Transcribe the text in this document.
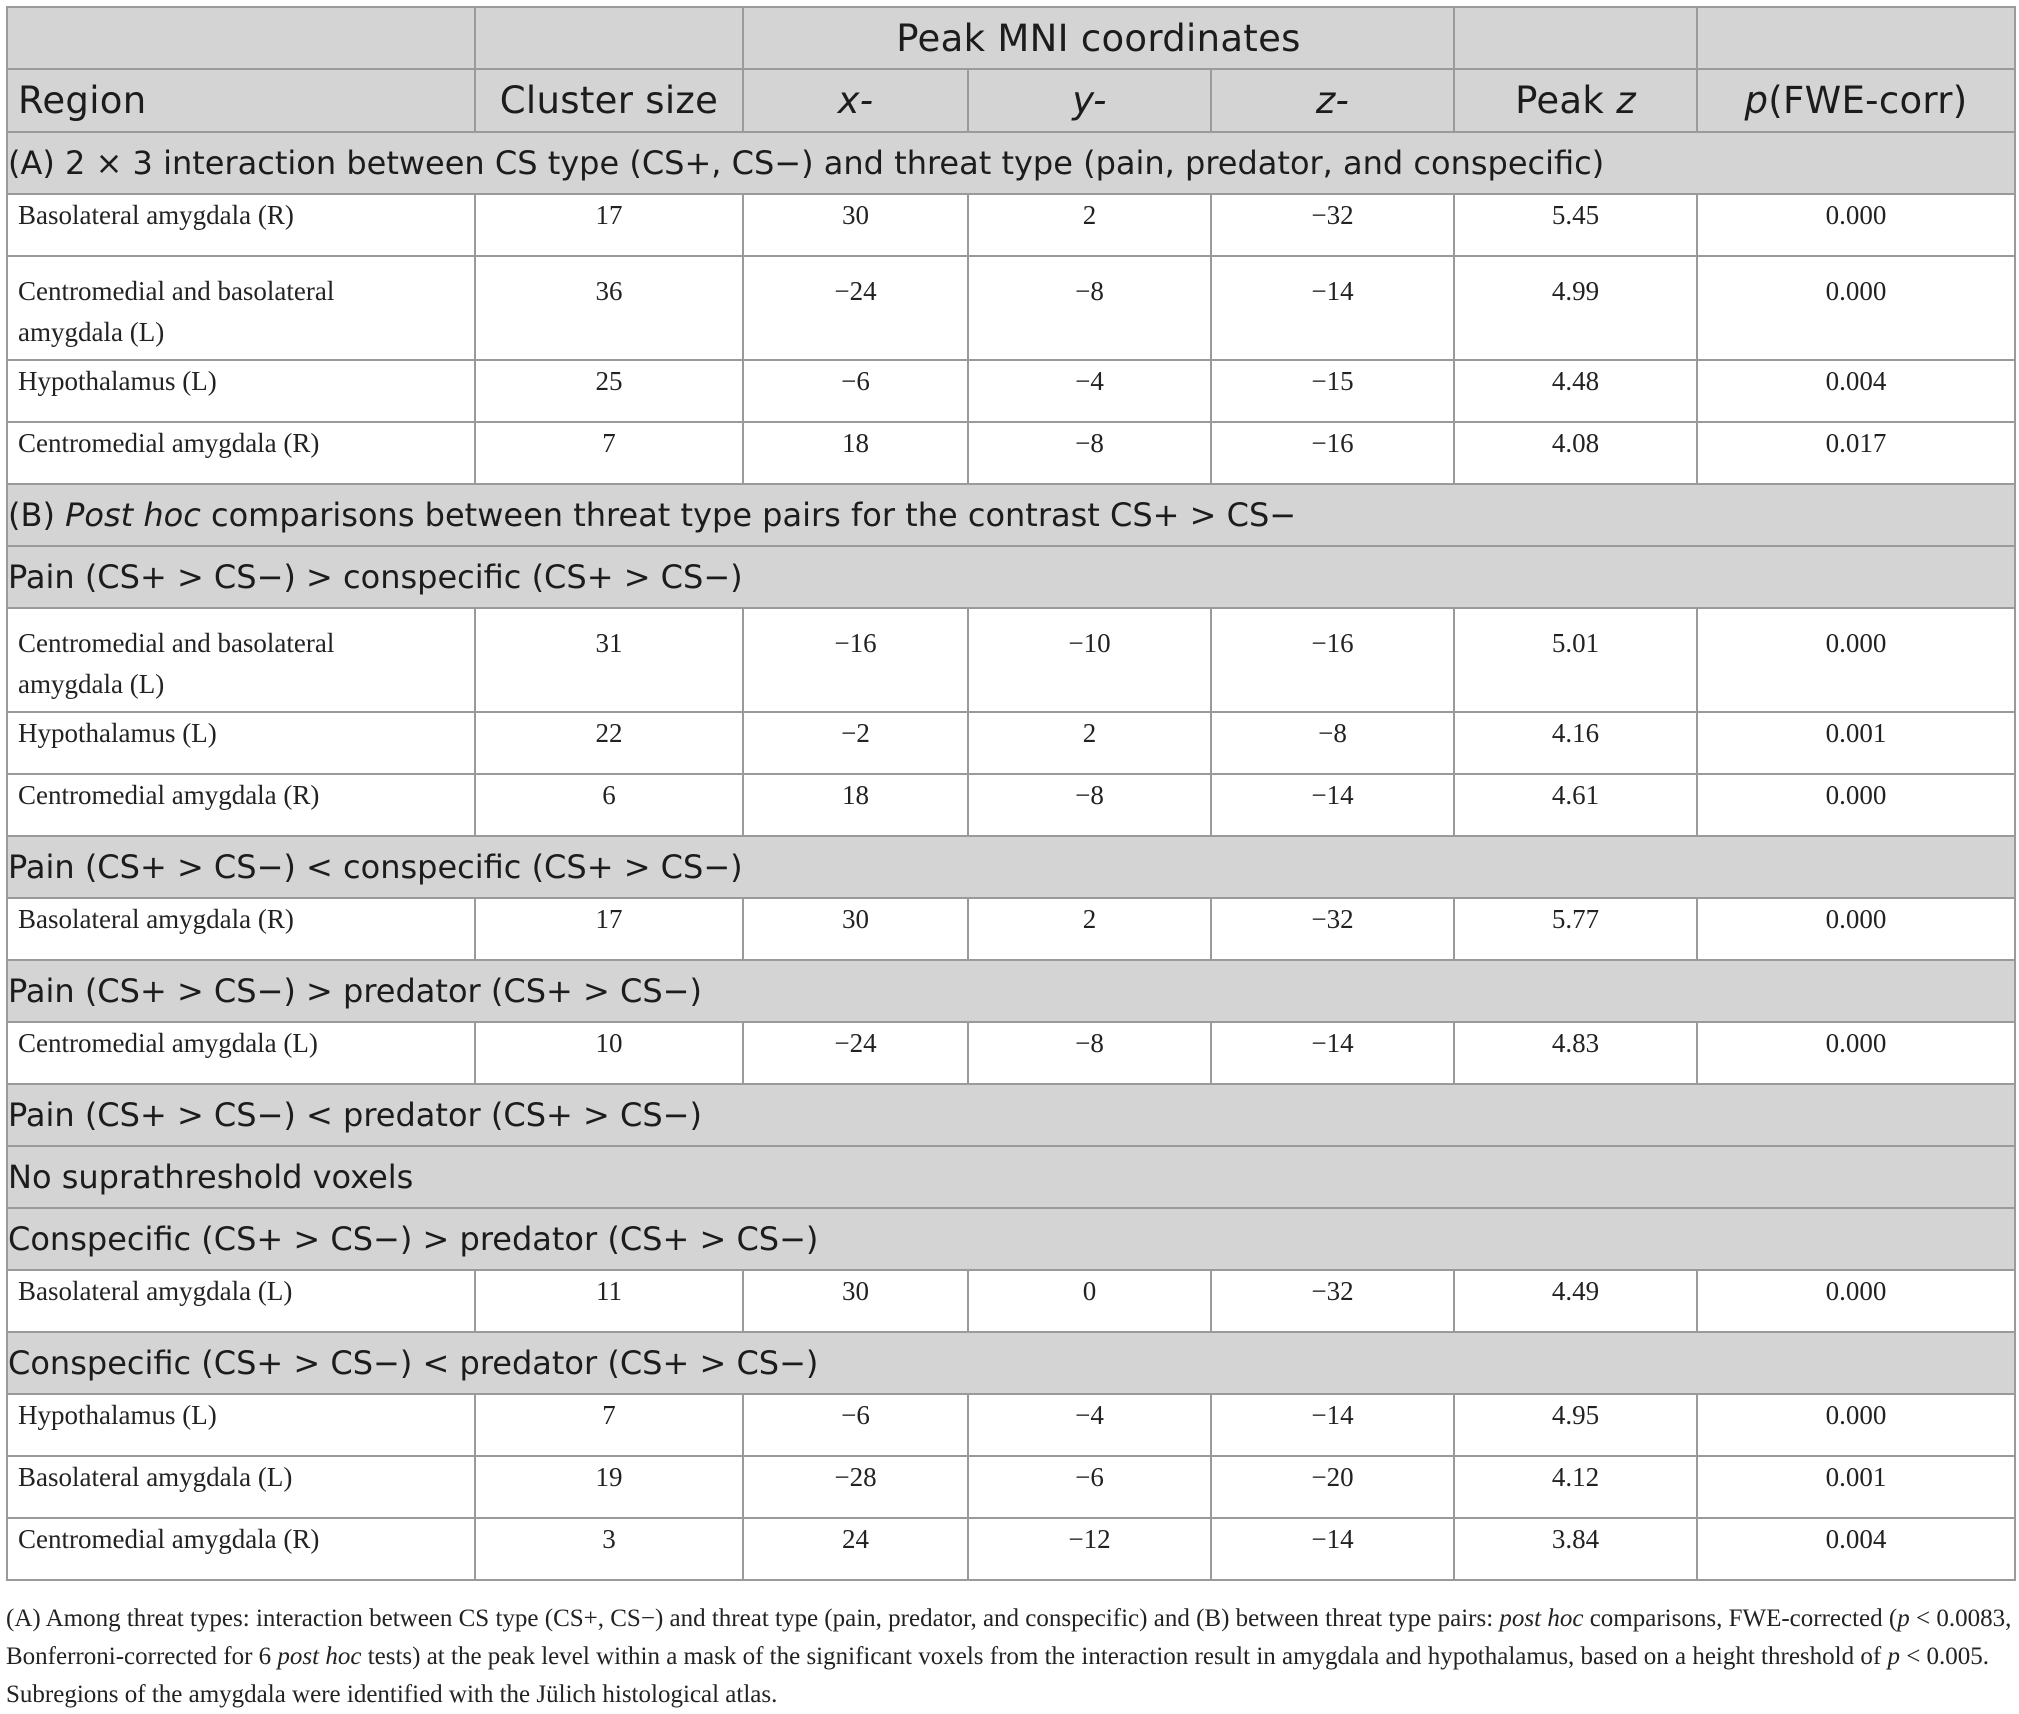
		Peak MNI coordinates				
Region	Cluster size	x-	y-	z-	Peak z	p(FWE-corr)
(A) 2 × 3 interaction between CS type (CS+, CS−) and threat type (pain, predator, and conspecific)						
Basolateral amygdala (R)	17	30	2	−32	5.45	0.000
Centromedial and basolateral amygdala (L)	36	−24	−8	−14	4.99	0.000
Hypothalamus (L)	25	−6	−4	−15	4.48	0.004
Centromedial amygdala (R)	7	18	−8	−16	4.08	0.017
(B) Post hoc comparisons between threat type pairs for the contrast CS+ > CS−						
Pain (CS+ > CS−) > conspecific (CS+ > CS−)						
Centromedial and basolateral amygdala (L)	31	−16	−10	−16	5.01	0.000
Hypothalamus (L)	22	−2	2	−8	4.16	0.001
Centromedial amygdala (R)	6	18	−8	−14	4.61	0.000
Pain (CS+ > CS−) < conspecific (CS+ > CS−)						
Basolateral amygdala (R)	17	30	2	−32	5.77	0.000
Pain (CS+ > CS−) > predator (CS+ > CS−)						
Centromedial amygdala (L)	10	−24	−8	−14	4.83	0.000
Pain (CS+ > CS−) < predator (CS+ > CS−)						
No suprathreshold voxels						
Conspecific (CS+ > CS−) > predator (CS+ > CS−)						
Basolateral amygdala (L)	11	30	0	−32	4.49	0.000
Conspecific (CS+ > CS−) < predator (CS+ > CS−)						
Hypothalamus (L)	7	−6	−4	−14	4.95	0.000
Basolateral amygdala (L)	19	−28	−6	−20	4.12	0.001
Centromedial amygdala (R)	3	24	−12	−14	3.84	0.004

(A) Among threat types: interaction between CS type (CS+, CS−) and threat type (pain, predator, and conspecific) and (B) between threat type pairs: post hoc comparisons, FWE-corrected (p < 0.0083, Bonferroni-corrected for 6 post hoc tests) at the peak level within a mask of the significant voxels from the interaction result in amygdala and hypothalamus, based on a height threshold of p < 0.005. Subregions of the amygdala were identified with the Jülich histological atlas.
